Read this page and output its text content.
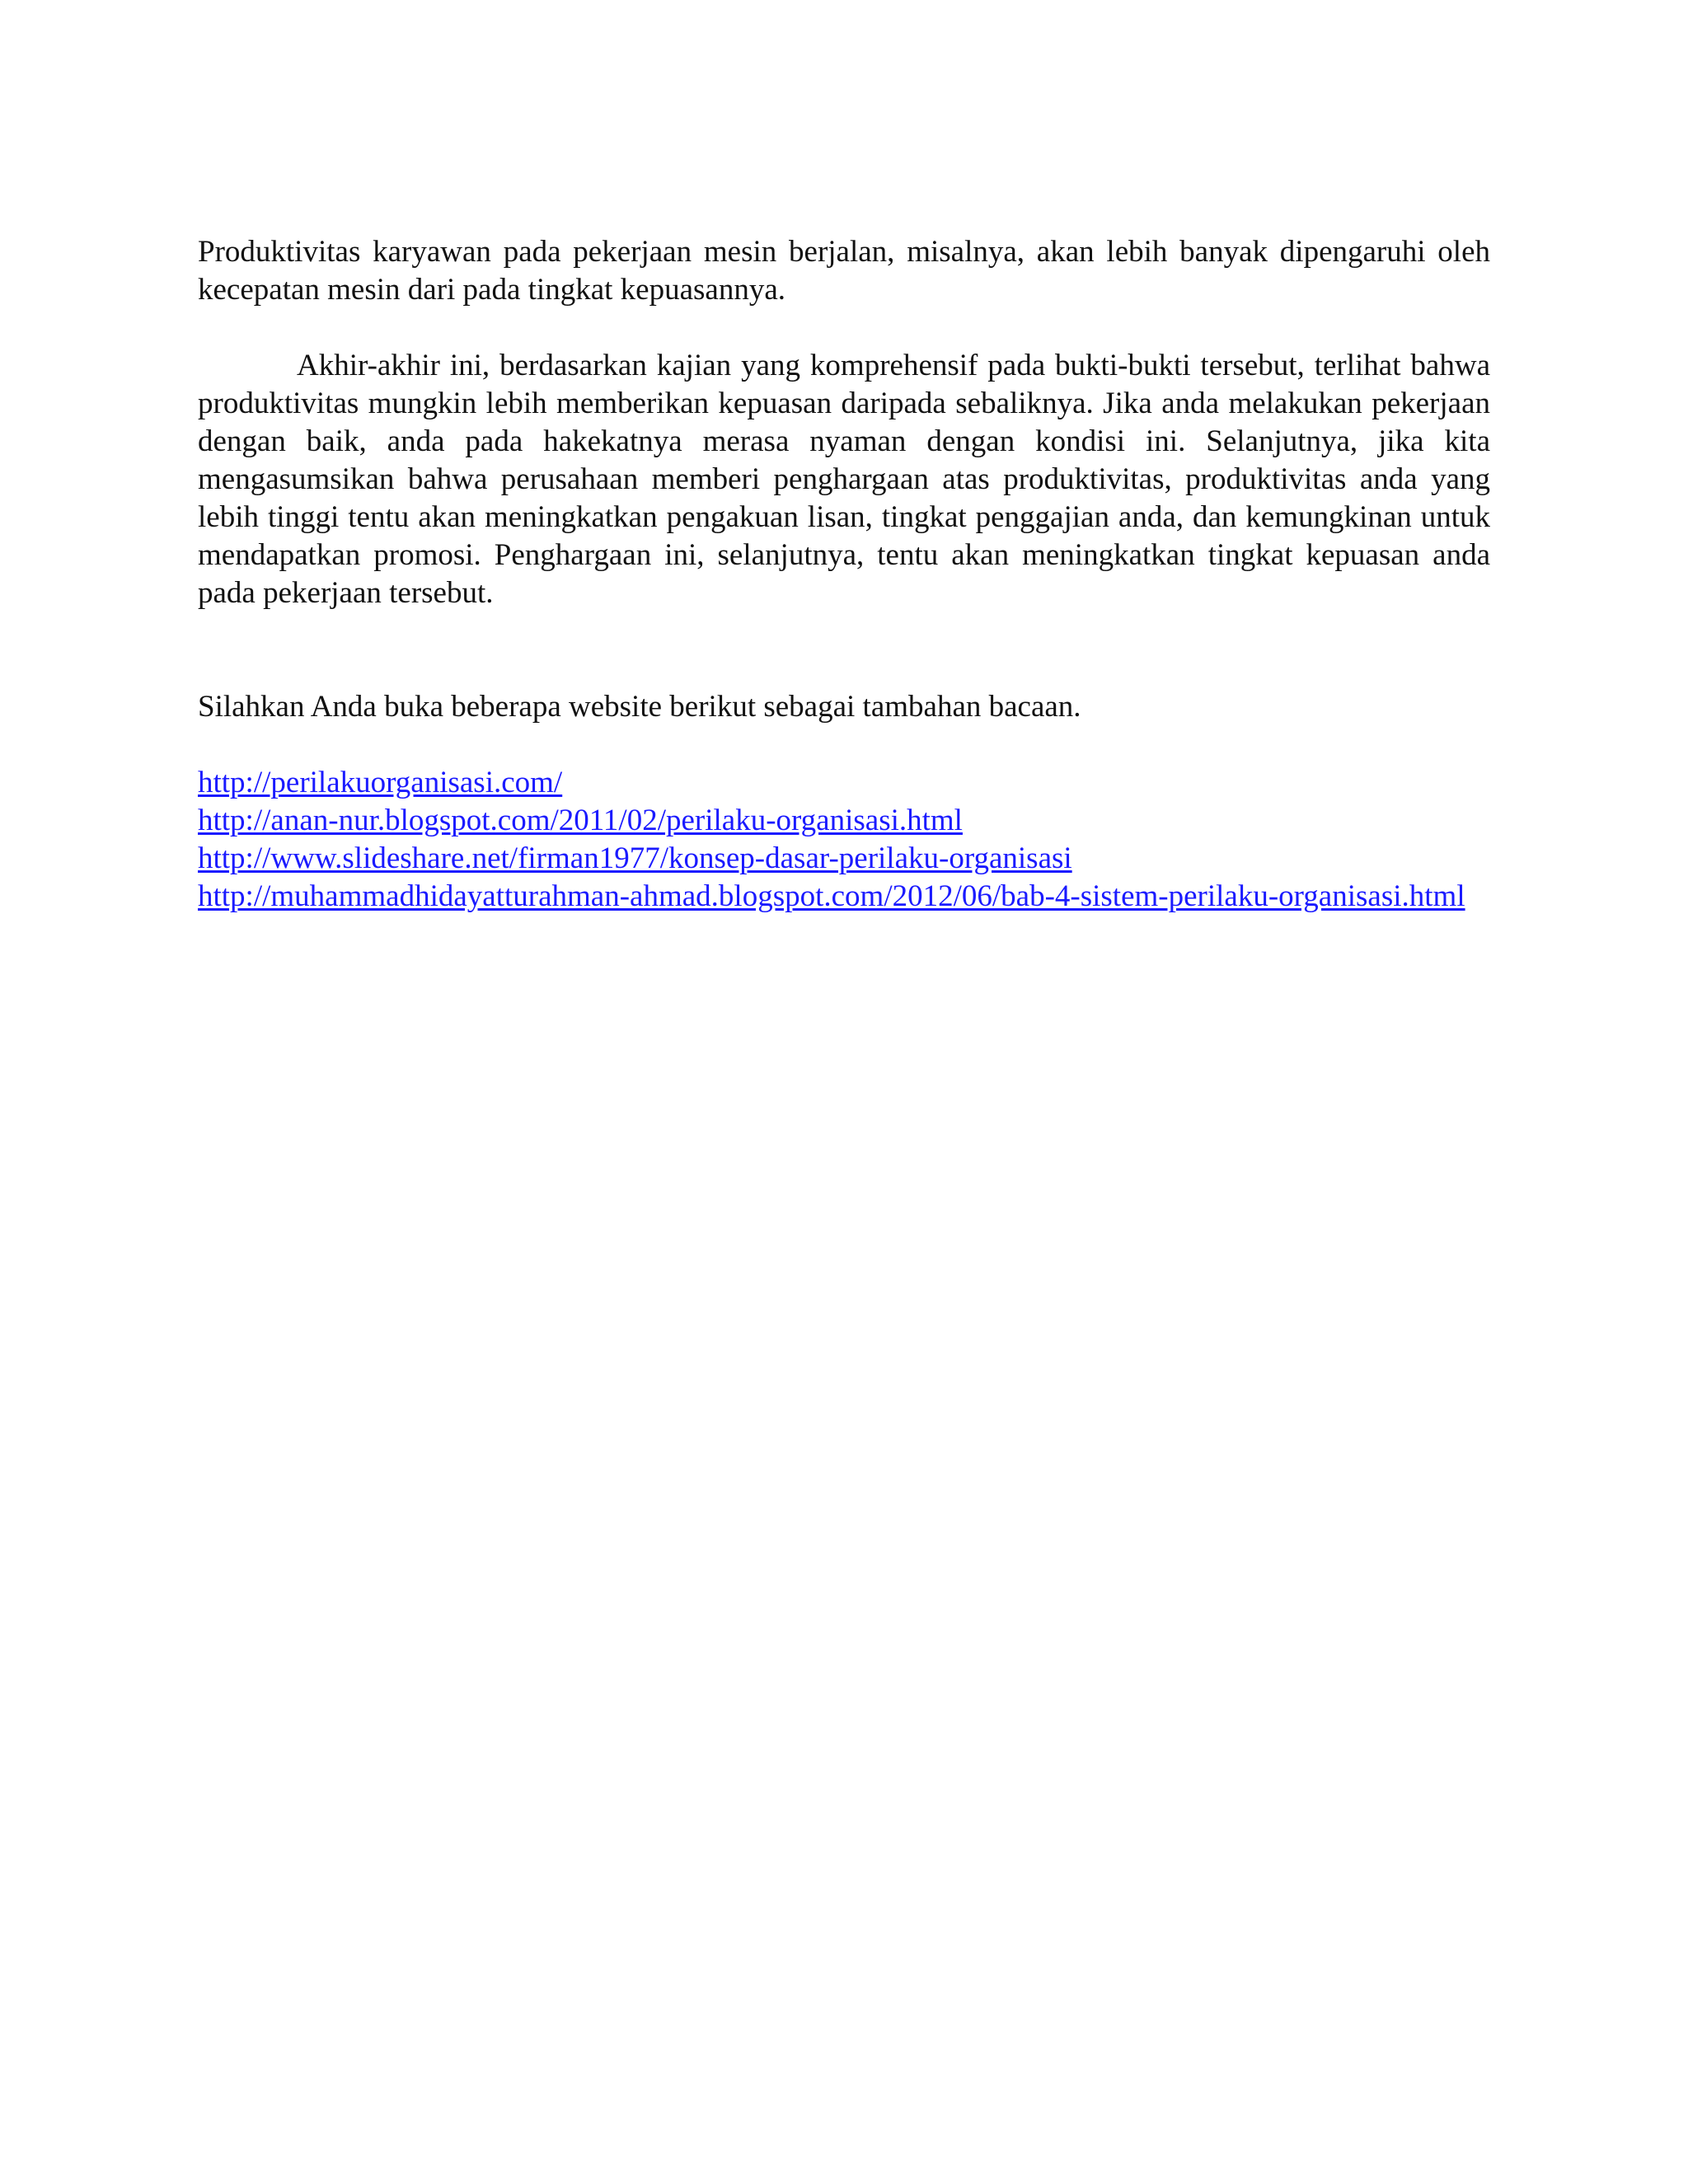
Produktivitas karyawan pada pekerjaan mesin berjalan, misalnya, akan lebih banyak dipengaruhi oleh kecepatan mesin dari pada tingkat kepuasannya.

Akhir-akhir ini, berdasarkan kajian yang komprehensif pada bukti-bukti tersebut, terlihat bahwa produktivitas mungkin lebih memberikan kepuasan daripada sebaliknya. Jika anda melakukan pekerjaan dengan baik, anda pada hakekatnya merasa nyaman dengan kondisi ini. Selanjutnya, jika kita mengasumsikan bahwa perusahaan memberi penghargaan atas produktivitas, produktivitas anda yang lebih tinggi tentu akan meningkatkan pengakuan lisan, tingkat penggajian anda, dan kemungkinan untuk mendapatkan promosi. Penghargaan ini, selanjutnya, tentu akan meningkatkan tingkat kepuasan anda pada pekerjaan tersebut.

Silahkan Anda buka beberapa website berikut sebagai tambahan bacaan.

http://perilakuorganisasi.com/
http://anan-nur.blogspot.com/2011/02/perilaku-organisasi.html
http://www.slideshare.net/firman1977/konsep-dasar-perilaku-organisasi
http://muhammadhidayatturahman-ahmad.blogspot.com/2012/06/bab-4-sistem-perilaku-organisasi.html
